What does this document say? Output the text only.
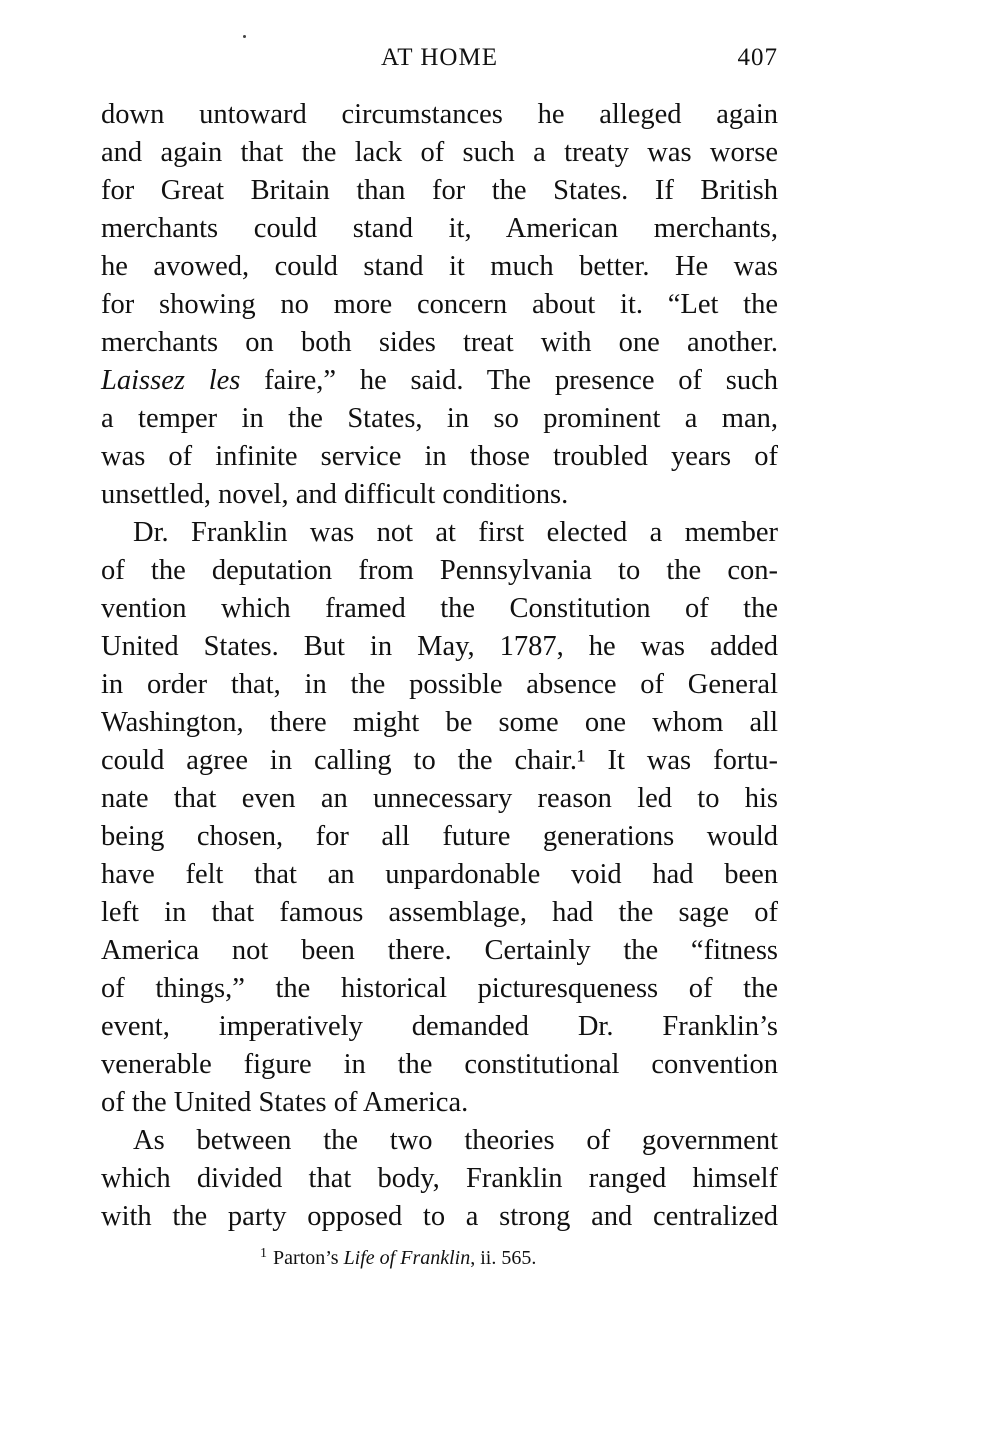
AT HOME	407
down untoward circumstances he alleged again
and again that the lack of such a treaty was worse
for Great Britain than for the States. If British
merchants could stand it, American merchants,
he avowed, could stand it much better. He was
for showing no more concern about it. “Let the
merchants on both sides treat with one another.
Laissez les faire,” he said. The presence of such
a temper in the States, in so prominent a man,
was of infinite service in those troubled years of
unsettled, novel, and difficult conditions.
Dr. Franklin was not at first elected a member
of the deputation from Pennsylvania to the con-
vention which framed the Constitution of the
United States. But in May, 1787, he was added
in order that, in the possible absence of General
Washington, there might be some one whom all
could agree in calling to the chair.¹ It was fortu-
nate that even an unnecessary reason led to his
being chosen, for all future generations would
have felt that an unpardonable void had been
left in that famous assemblage, had the sage of
America not been there. Certainly the “fitness
of things,” the historical picturesqueness of the
event, imperatively demanded Dr. Franklin’s
venerable figure in the constitutional convention
of the United States of America.
As between the two theories of government
which divided that body, Franklin ranged himself
with the party opposed to a strong and centralized
$^1$ Parton’s Life of Franklin, ii. 565.
